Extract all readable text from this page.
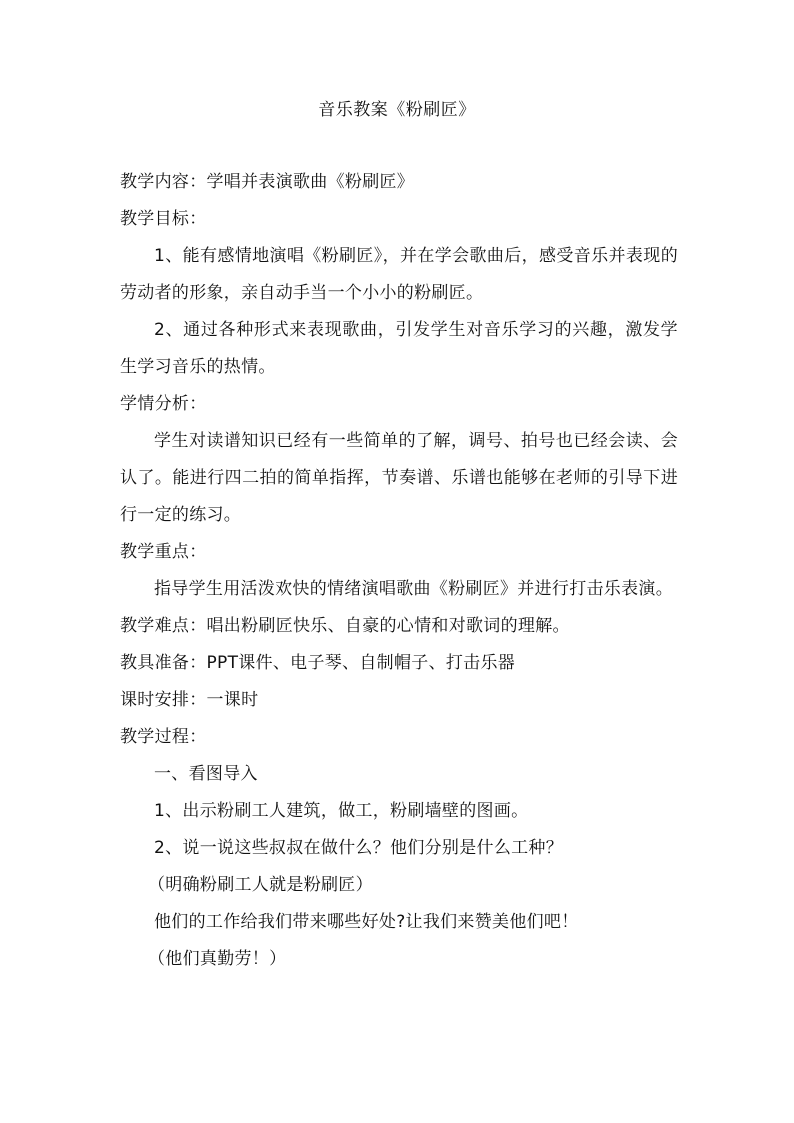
音乐教案《粉刷匠》

教学内容：学唱并表演歌曲《粉刷匠》

教学目标：

1、能有感情地演唱《粉刷匠》，并在学会歌曲后，感受音乐并表现的劳动者的形象，亲自动手当一个小小的粉刷匠。

2、通过各种形式来表现歌曲，引发学生对音乐学习的兴趣，激发学生学习音乐的热情。

学情分析：

学生对读谱知识已经有一些简单的了解，调号、拍号也已经会读、会认了。能进行四二拍的简单指挥，节奏谱、乐谱也能够在老师的引导下进行一定的练习。

教学重点：

指导学生用活泼欢快的情绪演唱歌曲《粉刷匠》并进行打击乐表演。

教学难点：唱出粉刷匠快乐、自豪的心情和对歌词的理解。

教具准备：PPT课件、电子琴、自制帽子、打击乐器

课时安排：一课时

教学过程：

一、看图导入

1、出示粉刷工人建筑，做工，粉刷墙壁的图画。

2、说一说这些叔叔在做什么？他们分别是什么工种？

（明确粉刷工人就是粉刷匠）

他们的工作给我们带来哪些好处?让我们来赞美他们吧！

（他们真勤劳！）
